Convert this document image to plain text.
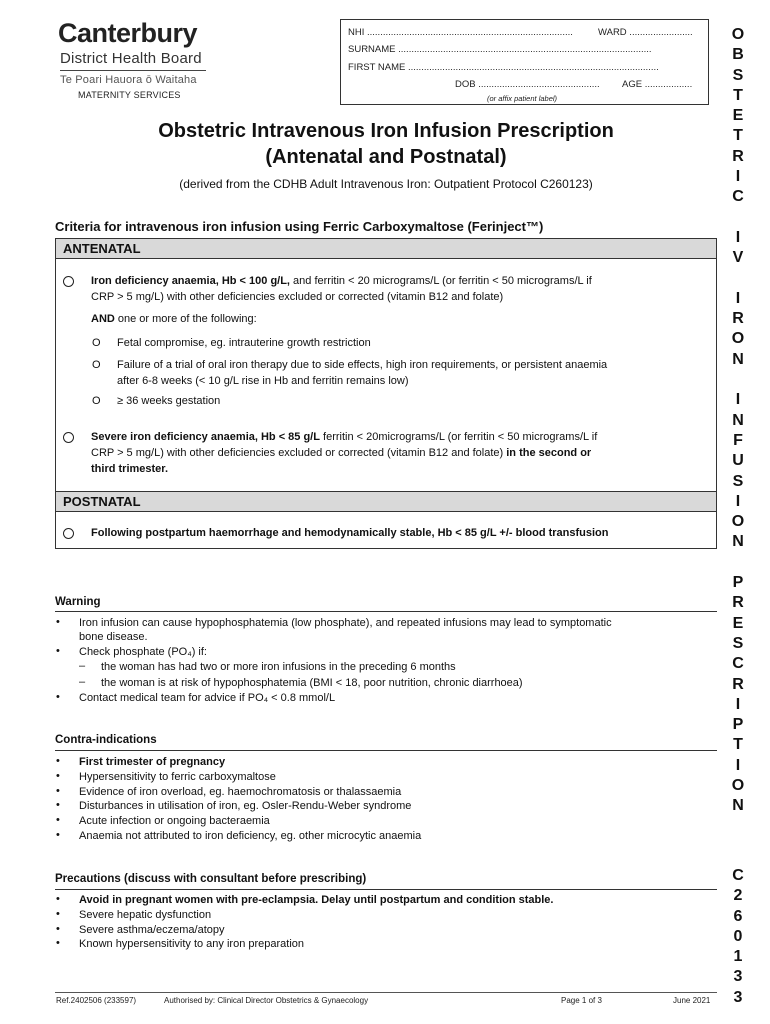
Canterbury
District Health Board
Te Poari Hauora ō Waitaha
MATERNITY SERVICES
NHI ..............................................................................	WARD ........................
SURNAME ................................................................................................
FIRST NAME ...............................................................................................
DOB .............................................. AGE ..................
(or affix patient label)
O
B
S
T
E
T
R
I
C
I
V
I
R
O
N
I
N
F
U
S
I
O
N
P
R
E
S
C
R
I
P
T
I
O
N
C
2
6
0
1
3
3
Obstetric Intravenous Iron Infusion Prescription
(Antenatal and Postnatal)
(derived from the CDHB Adult Intravenous Iron: Outpatient Protocol C260123)
Criteria for intravenous iron infusion using Ferric Carboxymaltose (Ferinject™)
ANTENATAL
Iron deficiency anaemia, Hb < 100 g/L, and ferritin < 20 micrograms/L (or ferritin < 50 micrograms/L if
CRP > 5 mg/L) with other deficiencies excluded or corrected (vitamin B12 and folate)
AND one or more of the following:
O Fetal compromise, eg. intrauterine growth restriction
O Failure of a trial of oral iron therapy due to side effects, high iron requirements, or persistent anaemia
after 6-8 weeks (< 10 g/L rise in Hb and ferritin remains low)
O ≥ 36 weeks gestation
Severe iron deficiency anaemia, Hb < 85 g/L ferritin < 20micrograms/L (or ferritin < 50 micrograms/L if
CRP > 5 mg/L) with other deficiencies excluded or corrected (vitamin B12 and folate) in the second or
third trimester.
POSTNATAL
Following postpartum haemorrhage and hemodynamically stable, Hb < 85 g/L +/- blood transfusion
Warning
• Iron infusion can cause hypophosphatemia (low phosphate), and repeated infusions may lead to symptomatic
bone disease.
• Check phosphate (PO₄) if:
– the woman has had two or more iron infusions in the preceding 6 months
– the woman is at risk of hypophosphatemia (BMI < 18, poor nutrition, chronic diarrhoea)
• Contact medical team for advice if PO₄ < 0.8 mmol/L
Contra-indications
• First trimester of pregnancy
• Hypersensitivity to ferric carboxymaltose
• Evidence of iron overload, eg. haemochromatosis or thalassaemia
• Disturbances in utilisation of iron, eg. Osler-Rendu-Weber syndrome
• Acute infection or ongoing bacteraemia
• Anaemia not attributed to iron deficiency, eg. other microcytic anaemia
Precautions (discuss with consultant before prescribing)
• Avoid in pregnant women with pre-eclampsia. Delay until postpartum and condition stable.
• Severe hepatic dysfunction
• Severe asthma/eczema/atopy
• Known hypersensitivity to any iron preparation
Ref.2402506 (233597)	Authorised by: Clinical Director Obstetrics & Gynaecology	Page 1 of 3	June 2021
